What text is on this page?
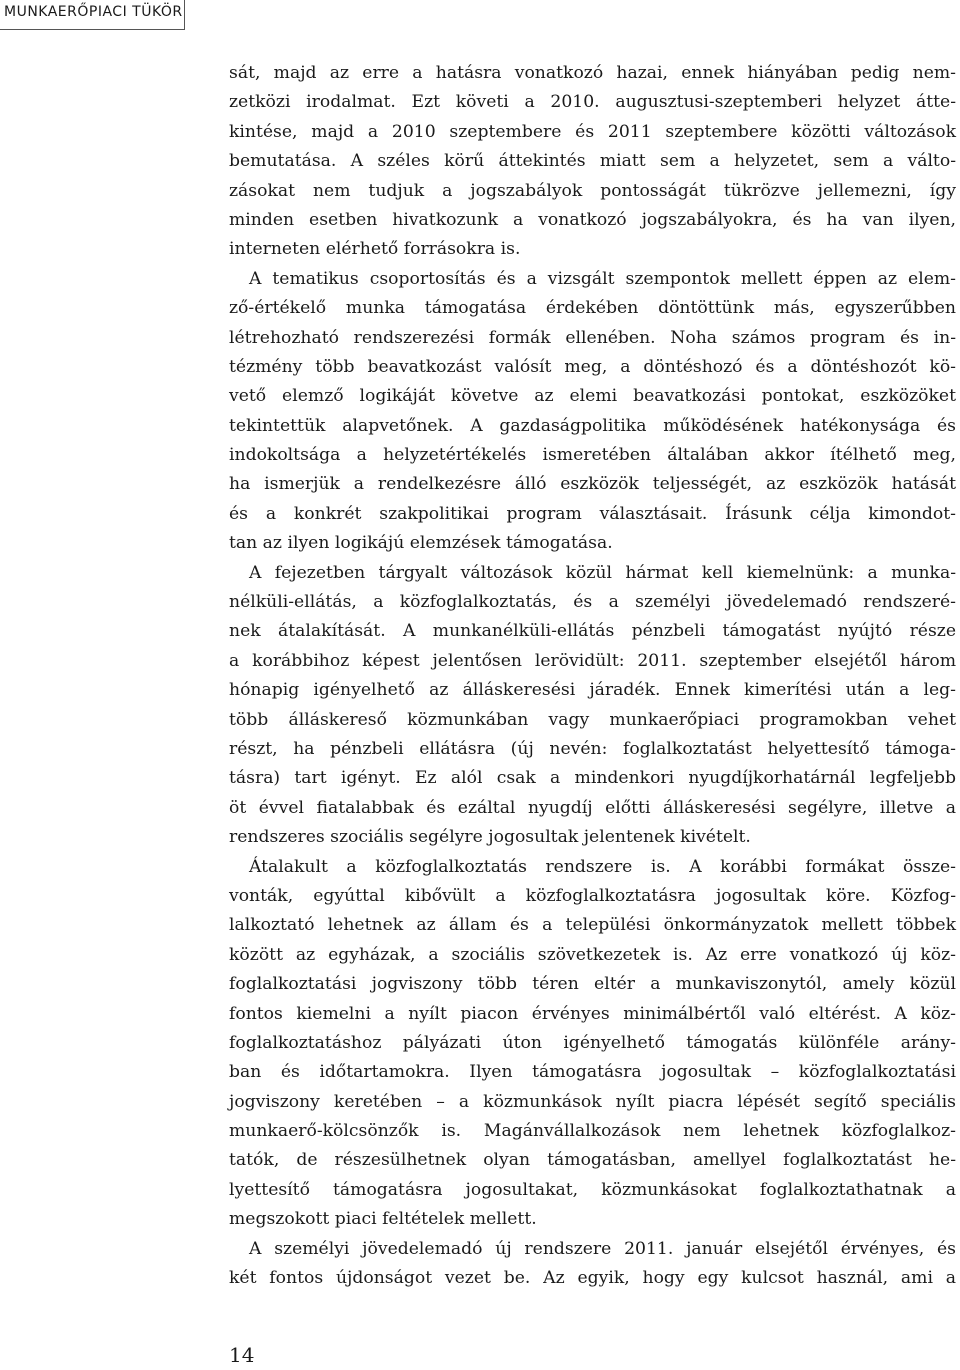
MUNKAERŐPIACI TÜKÖR
sát, majd az erre a hatásra vonatkozó hazai, ennek hiányában pedig nem-
zetközi irodalmat. Ezt követi a 2010. augusztusi-szeptemberi helyzet átte-
kintése, majd a 2010 szeptembere és 2011 szeptembere közötti változások
bemutatása. A széles körű áttekintés miatt sem a helyzetet, sem a válto-
zásokat nem tudjuk a jogszabályok pontosságát tükrözve jellemezni, így
minden esetben hivatkozunk a vonatkozó jogszabályokra, és ha van ilyen,
interneten elérhető forrásokra is.
A tematikus csoportosítás és a vizsgált szempontok mellett éppen az elem-
ző-értékelő munka támogatása érdekében döntöttünk más, egyszerűbben
létrehozható rendszerezési formák ellenében. Noha számos program és in-
tézmény több beavatkozást valósít meg, a döntéshozó és a döntéshozót kö-
vető elemző logikáját követve az elemi beavatkozási pontokat, eszközöket
tekintettük alapvetőnek. A gazdaságpolitika működésének hatékonysága és
indokoltsága a helyzetértékelés ismeretében általában akkor ítélhető meg,
ha ismerjük a rendelkezésre álló eszközök teljességét, az eszközök hatását
és a konkrét szakpolitikai program választásait. Írásunk célja kimondot-
tan az ilyen logikájú elemzések támogatása.
A fejezetben tárgyalt változások közül hármat kell kiemelnünk: a munka-
nélküli-ellátás, a közfoglalkoztatás, és a személyi jövedelemadó rendszeré-
nek átalakítását. A munkanélküli-ellátás pénzbeli támogatást nyújtó része
a korábbihoz képest jelentősen lerövidült: 2011. szeptember elsejétől három
hónapig igényelhető az álláskeresési járadék. Ennek kimerítési után a leg-
több álláskereső közmunkában vagy munkaerőpiaci programokban vehet
részt, ha pénzbeli ellátásra (új nevén: foglalkoztatást helyettesítő támoga-
tásra) tart igényt. Ez alól csak a mindenkori nyugdíjkorhatárnál legfeljebb
öt évvel fiatalabbak és ezáltal nyugdíj előtti álláskeresési segélyre, illetve a
rendszeres szociális segélyre jogosultak jelentenek kivételt.
Átalakult a közfoglalkoztatás rendszere is. A korábbi formákat össze-
vonták, egyúttal kibővült a közfoglalkoztatásra jogosultak köre. Közfog-
lalkoztató lehetnek az állam és a települési önkormányzatok mellett többek
között az egyházak, a szociális szövetkezetek is. Az erre vonatkozó új köz-
foglalkoztatási jogviszony több téren eltér a munkaviszonytól, amely közül
fontos kiemelni a nyílt piacon érvényes minimálbértől való eltérést. A köz-
foglalkoztatáshoz pályázati úton igényelhető támogatás különféle arány-
ban és időtartamokra. Ilyen támogatásra jogosultak – közfoglalkoztatási
jogviszony keretében – a közmunkások nyílt piacra lépését segítő speciális
munkaerő-kölcsönzők is. Magánvállalkozások nem lehetnek közfoglalkoz-
tatók, de részesülhetnek olyan támogatásban, amellyel foglalkoztatást he-
lyettesítő támogatásra jogosultakat, közmunkásokat foglalkoztathatnak a
megszokott piaci feltételek mellett.
A személyi jövedelemadó új rendszere 2011. január elsejétől érvényes, és
két fontos újdonságot vezet be. Az egyik, hogy egy kulcsot használ, ami a
14
